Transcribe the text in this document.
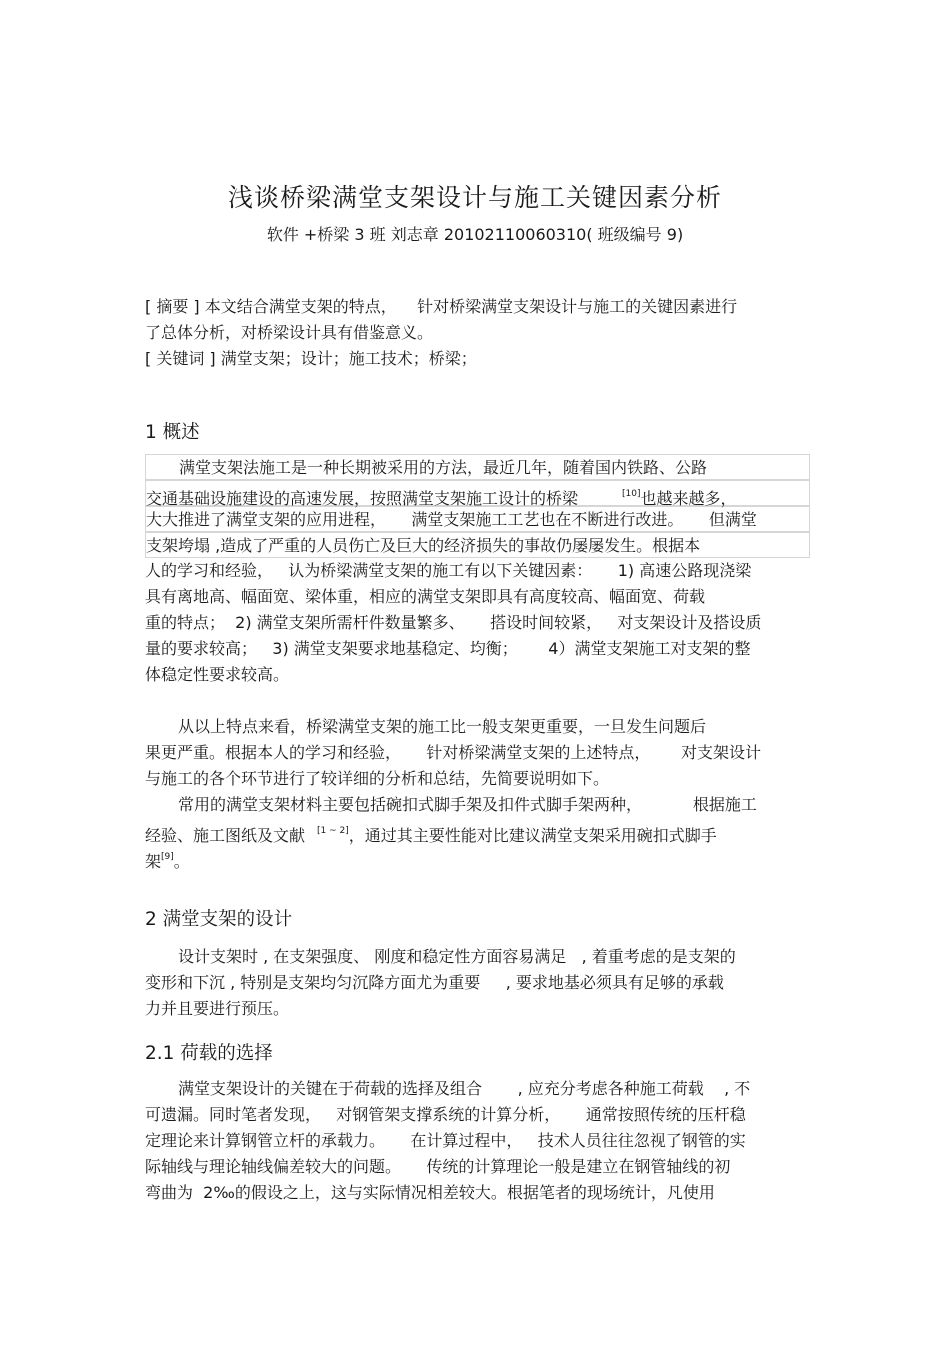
浅谈桥梁满堂支架设计与施工关键因素分析
软件 +桥梁 3 班 刘志章 20102110060310( 班级编号 9)
[ 摘要 ] 本文结合满堂支架的特点，    针对桥梁满堂支架设计与施工的关键因素进行
了总体分析，对桥梁设计具有借鉴意义。
[ 关键词 ] 满堂支架；设计；施工技术；桥梁；
1 概述
满堂支架法施工是一种长期被采用的方法，最近几年，随着国内铁路、公路
交通基础设施建设的高速发展，按照满堂支架施工设计的桥梁	[10]也越来越多，
大大推进了满堂支架的应用进程，     满堂支架施工工艺也在不断进行改进。     但满堂
支架垮塌 ,造成了严重的人员伤亡及巨大的经济损失的事故仍屡屡发生。根据本
人的学习和经验，   认为桥梁满堂支架的施工有以下关键因素：     1) 高速公路现浇梁
具有离地高、幅面宽、梁体重，相应的满堂支架即具有高度较高、幅面宽、荷载
重的特点；  2) 满堂支架所需杆件数量繁多、     搭设时间较紧，   对支架设计及搭设质
量的要求较高；   3) 满堂支架要求地基稳定、均衡；      4）满堂支架施工对支架的整
体稳定性要求较高。
从以上特点来看，桥梁满堂支架的施工比一般支架更重要，一旦发生问题后
果更严重。根据本人的学习和经验，     针对桥梁满堂支架的上述特点，      对支架设计
与施工的各个环节进行了较详细的分析和总结，先简要说明如下。
常用的满堂支架材料主要包括碗扣式脚手架及扣件式脚手架两种，          根据施工
经验、施工图纸及文献 [1 ~ 2]，通过其主要性能对比建议满堂支架采用碗扣式脚手
架[9]。
2 满堂支架的设计
设计支架时 , 在支架强度、 刚度和稳定性方面容易满足   , 着重考虑的是支架的
变形和下沉 , 特别是支架均匀沉降方面尤为重要     , 要求地基必须具有足够的承载
力并且要进行预压。
2.1 荷载的选择
满堂支架设计的关键在于荷载的选择及组合       , 应充分考虑各种施工荷载    , 不
可遗漏。同时笔者发现，   对钢管架支撑系统的计算分析，     通常按照传统的压杆稳
定理论来计算钢管立杆的承载力。     在计算过程中，   技术人员往往忽视了钢管的实
际轴线与理论轴线偏差较大的问题。     传统的计算理论一般是建立在钢管轴线的初
弯曲为  2‰的假设之上，这与实际情况相差较大。根据笔者的现场统计，凡使用
